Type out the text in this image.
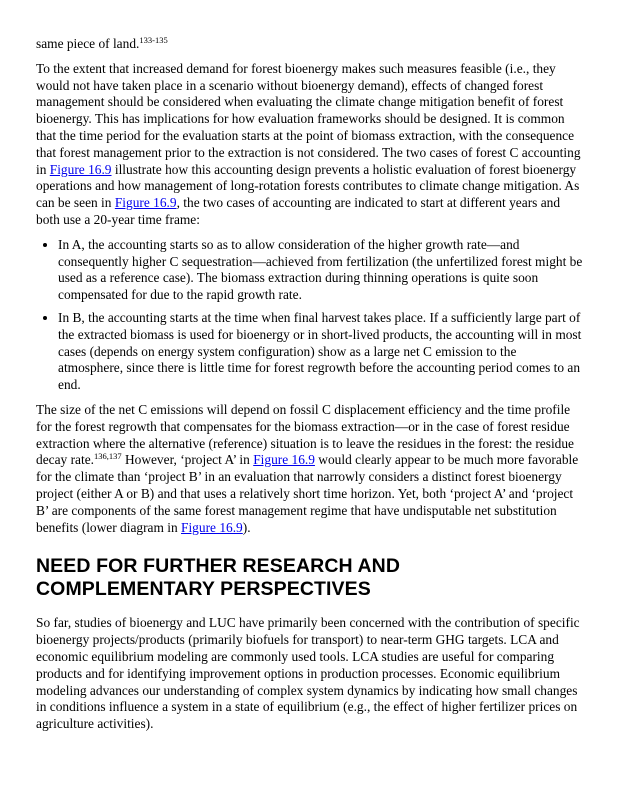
same piece of land.$^{133-135}$

To the extent that increased demand for forest bioenergy makes such measures feasible (i.e., they would not have taken place in a scenario without bioenergy demand), effects of changed forest management should be considered when evaluating the climate change mitigation benefit of forest bioenergy. This has implications for how evaluation frameworks should be designed. It is common that the time period for the evaluation starts at the point of biomass extraction, with the consequence that forest management prior to the extraction is not considered. The two cases of forest C accounting in Figure 16.9 illustrate how this accounting design prevents a holistic evaluation of forest bioenergy operations and how management of long-rotation forests contributes to climate change mitigation. As can be seen in Figure 16.9, the two cases of accounting are indicated to start at different years and both use a 20-year time frame:

• In A, the accounting starts so as to allow consideration of the higher growth rate—and consequently higher C sequestration—achieved from fertilization (the unfertilized forest might be used as a reference case). The biomass extraction during thinning operations is quite soon compensated for due to the rapid growth rate.
• In B, the accounting starts at the time when final harvest takes place. If a sufficiently large part of the extracted biomass is used for bioenergy or in short-lived products, the accounting will in most cases (depends on energy system configuration) show as a large net C emission to the atmosphere, since there is little time for forest regrowth before the accounting period comes to an end.

The size of the net C emissions will depend on fossil C displacement efficiency and the time profile for the forest regrowth that compensates for the biomass extraction—or in the case of forest residue extraction where the alternative (reference) situation is to leave the residues in the forest: the residue decay rate.$^{136,137}$ However, ‘project A’ in Figure 16.9 would clearly appear to be much more favorable for the climate than ‘project B’ in an evaluation that narrowly considers a distinct forest bioenergy project (either A or B) and that uses a relatively short time horizon. Yet, both ‘project A’ and ‘project B’ are components of the same forest management regime that have undisputable net substitution benefits (lower diagram in Figure 16.9).

NEED FOR FURTHER RESEARCH AND COMPLEMENTARY PERSPECTIVES

So far, studies of bioenergy and LUC have primarily been concerned with the contribution of specific bioenergy projects/products (primarily biofuels for transport) to near-term GHG targets. LCA and economic equilibrium modeling are commonly used tools. LCA studies are useful for comparing products and for identifying improvement options in production processes. Economic equilibrium modeling advances our understanding of complex system dynamics by indicating how small changes in conditions influence a system in a state of equilibrium (e.g., the effect of higher fertilizer prices on agriculture activities).
